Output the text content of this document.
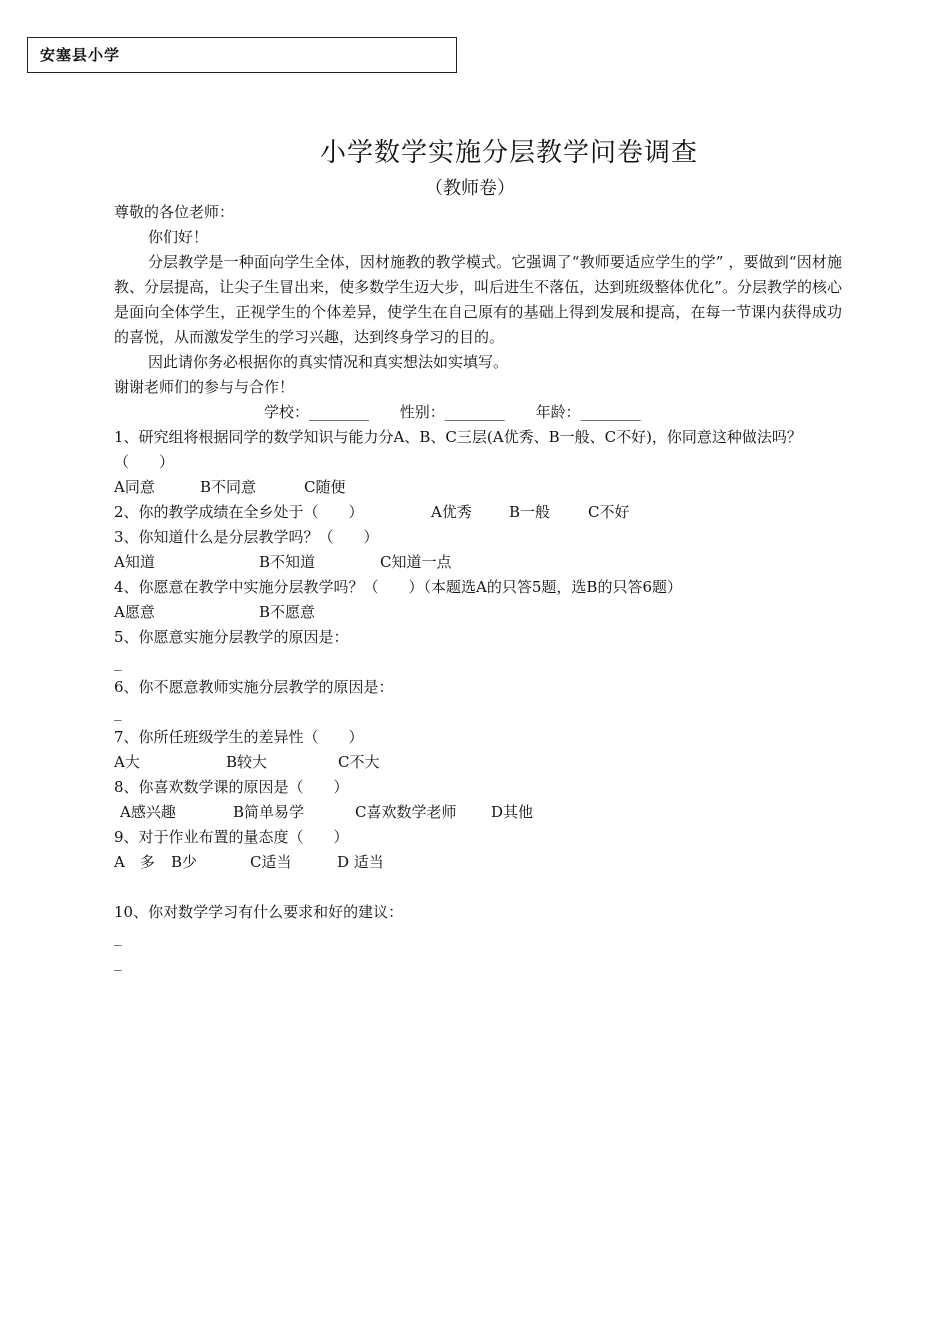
安塞县小学
小学数学实施分层教学问卷调查
（教师卷）
尊敬的各位老师：
你们好！
分层教学是一种面向学生全体，因材施教的教学模式。它强调了“教师要适应学生的学” ，要做到“因材施教、分层提高，让尖子生冒出来，使多数学生迈大步，叫后进生不落伍，达到班级整体优化”。分层教学的核心是面向全体学生，正视学生的个体差异，使学生在自己原有的基础上得到发展和提高，在每一节课内获得成功的喜悦，从而激发学生的学习兴趣，达到终身学习的目的。
因此请你务必根据你的真实情况和真实想法如实填写。
谢谢老师们的参与与合作！
学校：________ 性别：________ 年龄：________
1、研究组将根据同学的数学知识与能力分A、B、C三层(A优秀、B一般、C不好)，你同意这种做法吗？
（　　）
A同意	B不同意	C随便
2、你的教学成绩在全乡处于（　　）	A优秀 B一般	C不好
3、你知道什么是分层教学吗？（　　）
A知道	B不知道	C知道一点
4、你愿意在教学中实施分层教学吗？（　　）（本题选A的只答5题，选B的只答6题）
A愿意	B不愿意
5、你愿意实施分层教学的原因是：
_
6、你不愿意教师实施分层教学的原因是：
_
7、你所任班级学生的差异性（　　）
A大	B较大	C不大
8、你喜欢数学课的原因是（　　）
A感兴趣	B简单易学	C喜欢数学老师 D其他
9、对于作业布置的量态度（　　）
A　多 B少	C适当	D 适当
10、你对数学学习有什么要求和好的建议：
_
_
